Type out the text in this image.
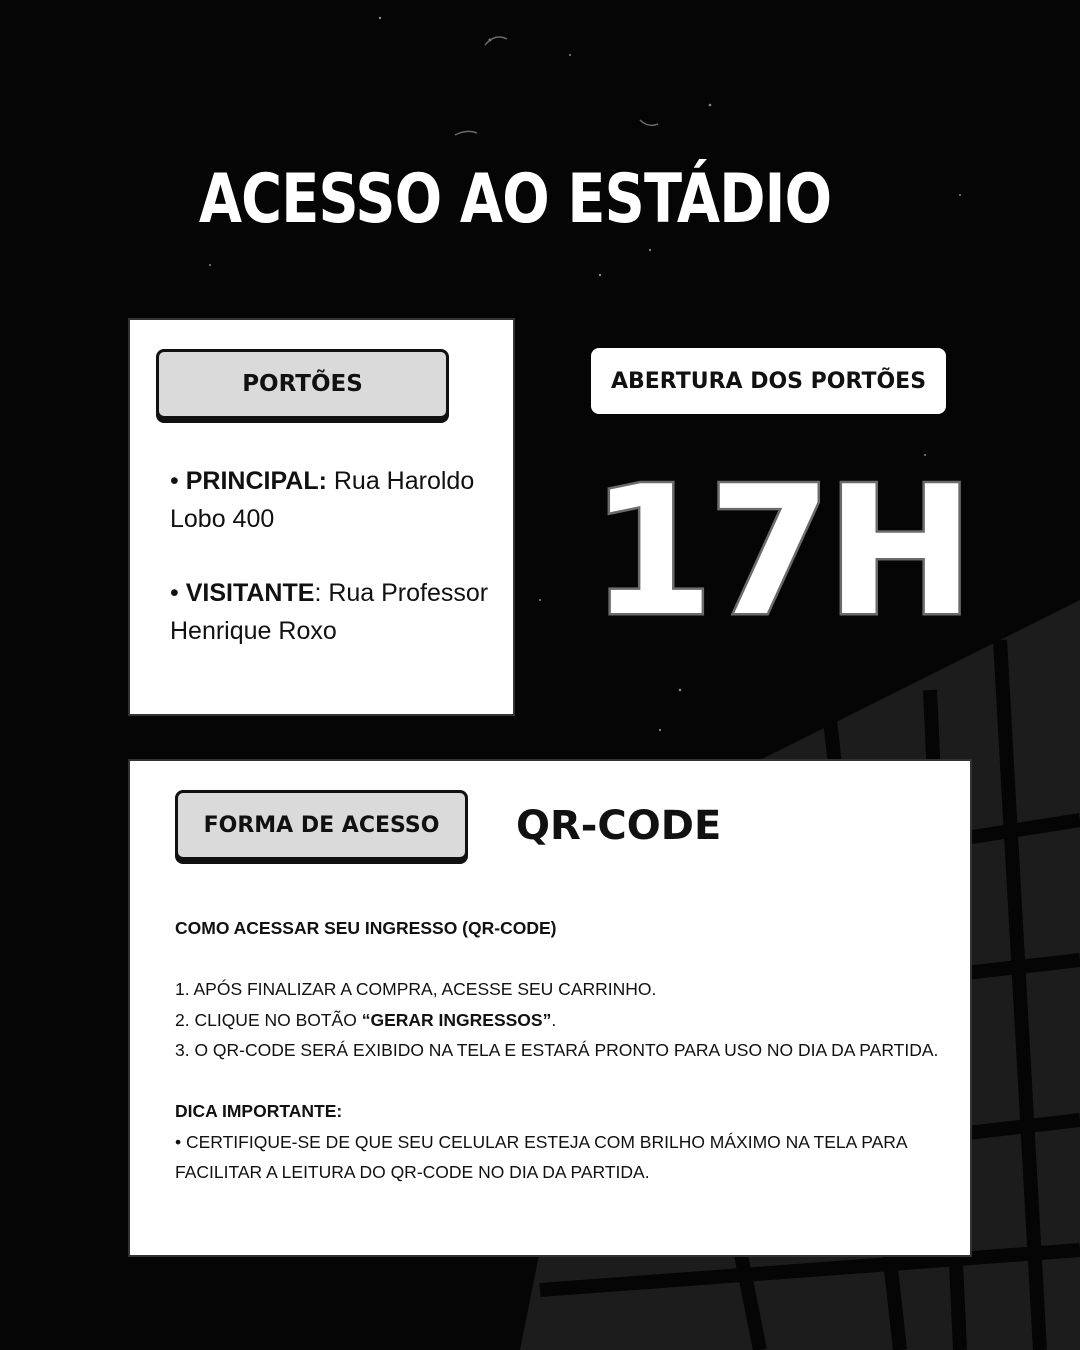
ACESSO AO ESTÁDIO
PORTÕES
• PRINCIPAL: Rua Haroldo Lobo 400
• VISITANTE: Rua Professor Henrique Roxo
ABERTURA DOS PORTÕES
17H
FORMA DE ACESSO	QR-CODE
COMO ACESSAR SEU INGRESSO (QR-CODE)
1. APÓS FINALIZAR A COMPRA, ACESSE SEU CARRINHO.
2. CLIQUE NO BOTÃO “GERAR INGRESSOS”.
3. O QR-CODE SERÁ EXIBIDO NA TELA E ESTARÁ PRONTO PARA USO NO DIA DA PARTIDA.
DICA IMPORTANTE:
• CERTIFIQUE-SE DE QUE SEU CELULAR ESTEJA COM BRILHO MÁXIMO NA TELA PARA
FACILITAR A LEITURA DO QR-CODE NO DIA DA PARTIDA.
